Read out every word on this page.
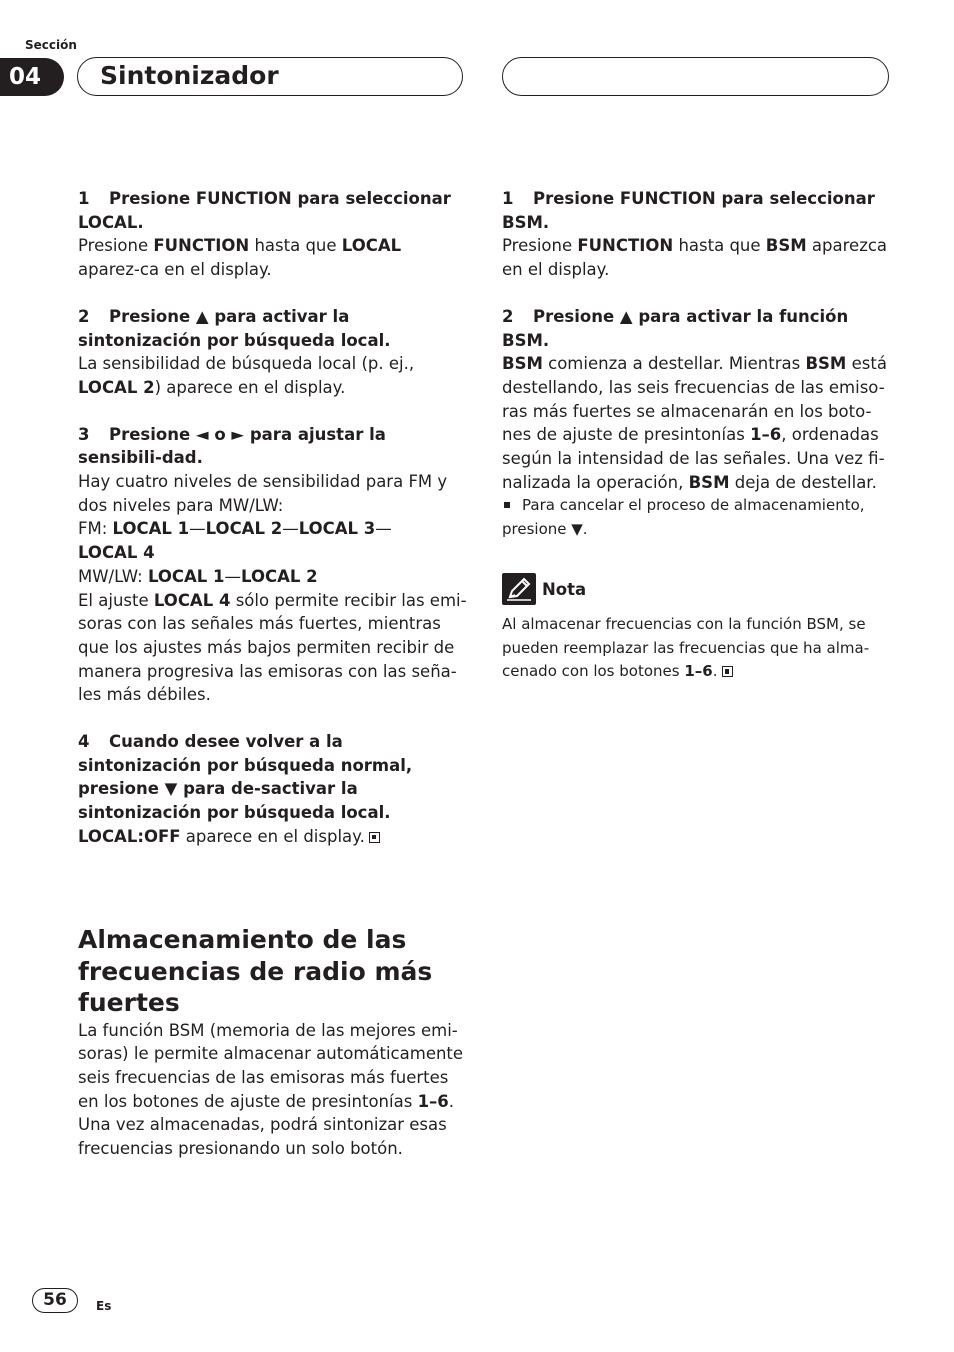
Sección
04	Sintonizador

1 Presione FUNCTION para seleccionar LOCAL.

Presione FUNCTION hasta que LOCAL aparez-ca en el display.

2 Presione ▲ para activar la sintonización por búsqueda local.

La sensibilidad de búsqueda local (p. ej.,
LOCAL 2) aparece en el display.

3 Presione ◄ o ► para ajustar la sensibili-dad.

Hay cuatro niveles de sensibilidad para FM y dos niveles para MW/LW:

FM: LOCAL 1—LOCAL 2—LOCAL 3—
LOCAL 4

MW/LW: LOCAL 1—LOCAL 2

El ajuste LOCAL 4 sólo permite recibir las emi-soras con las señales más fuertes, mientras que los ajustes más bajos permiten recibir de manera progresiva las emisoras con las seña-les más débiles.

4 Cuando desee volver a la sintonización por búsqueda normal, presione ▼ para de-sactivar la sintonización por búsqueda local.

LOCAL:OFF aparece en el display.

Almacenamiento de las frecuencias de radio más fuertes

La función BSM (memoria de las mejores emi-soras) le permite almacenar automáticamente seis frecuencias de las emisoras más fuertes en los botones de ajuste de presintonías 1–6. Una vez almacenadas, podrá sintonizar esas frecuencias presionando un solo botón.

1 Presione FUNCTION para seleccionar BSM.

Presione FUNCTION hasta que BSM aparezca en el display.

2 Presione ▲ para activar la función BSM.

BSM comienza a destellar. Mientras BSM está destellando, las seis frecuencias de las emiso-ras más fuertes se almacenarán en los boto-nes de ajuste de presintonías 1–6, ordenadas según la intensidad de las señales. Una vez fi-nalizada la operación, BSM deja de destellar.

Para cancelar el proceso de almacenamiento, presione ▼.

Nota

Al almacenar frecuencias con la función BSM, se pueden reemplazar las frecuencias que ha alma-cenado con los botones 1–6.

56	Es
